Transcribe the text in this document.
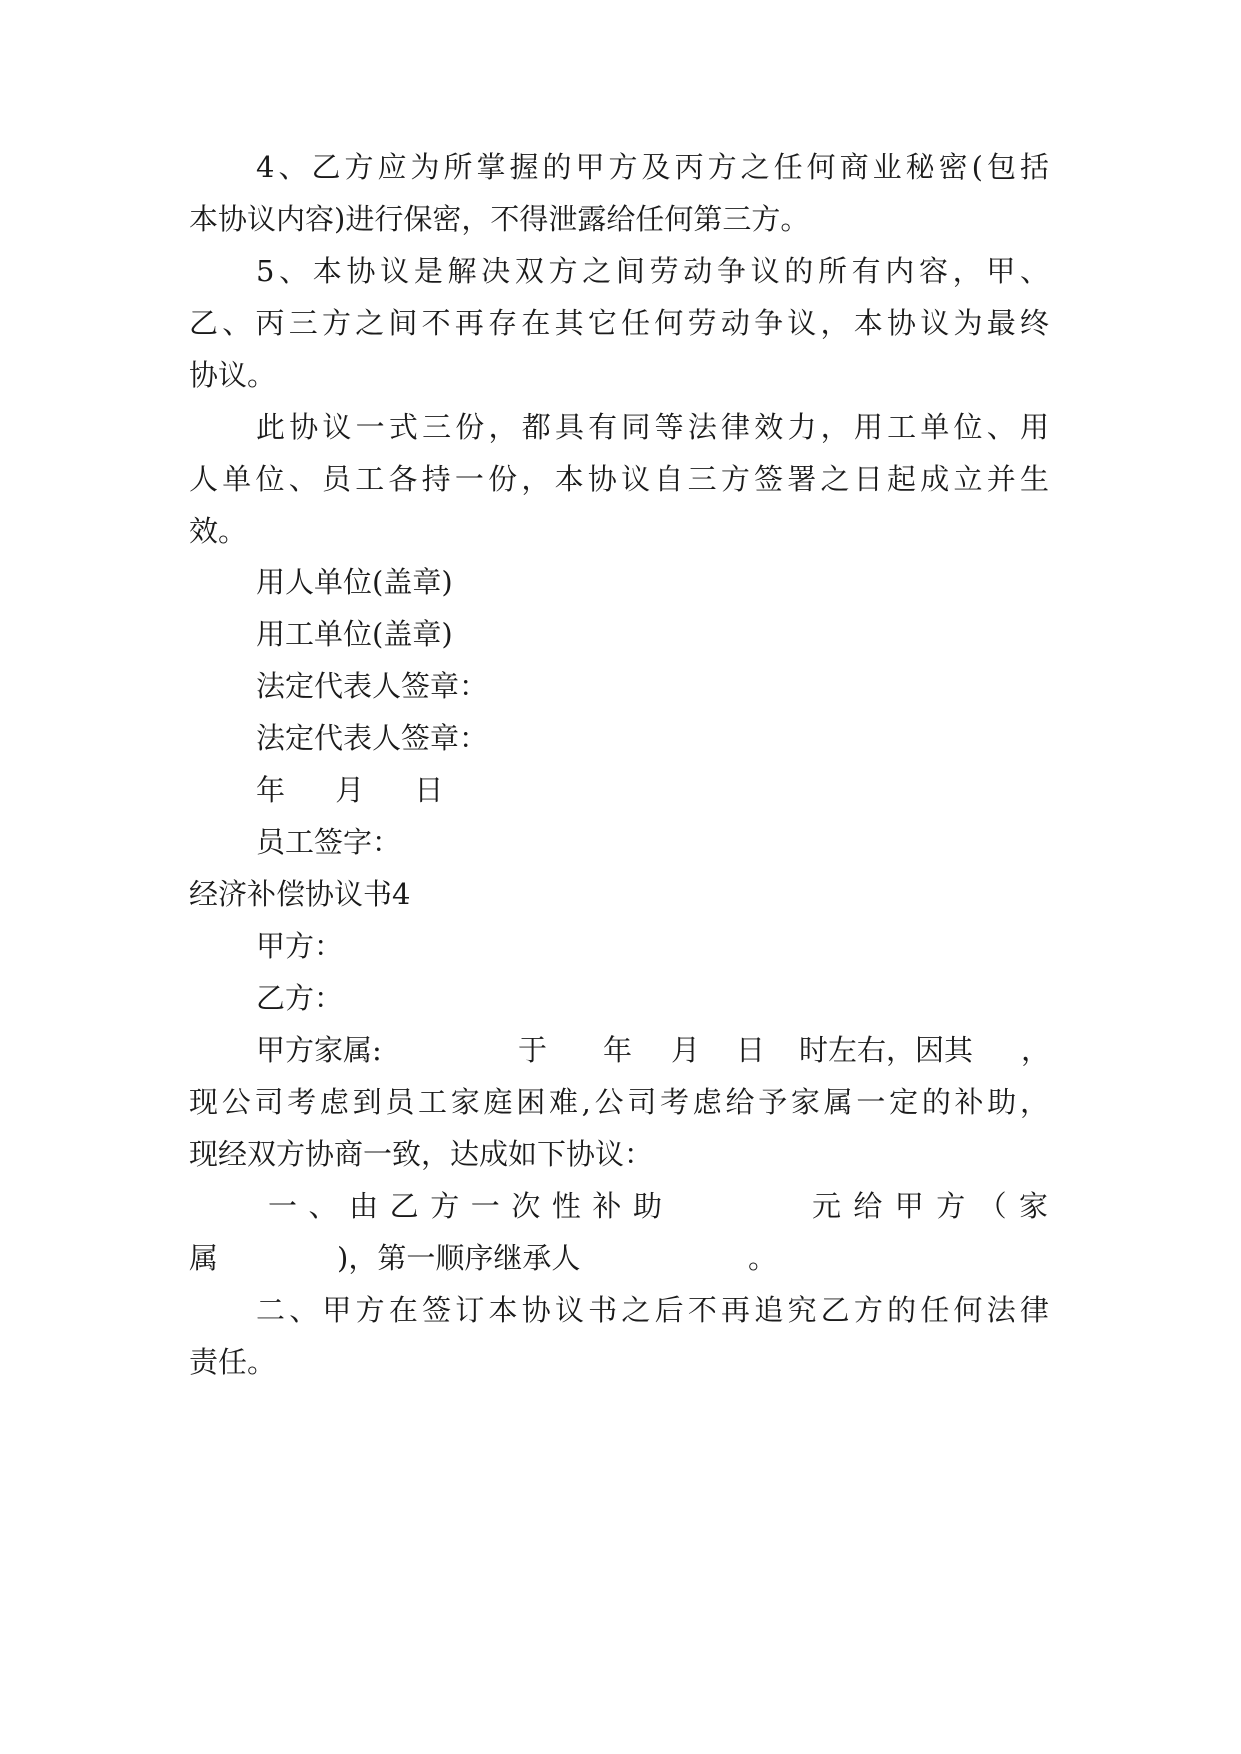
4、乙方应为所掌握的甲方及丙方之任何商业秘密(包括
本协议内容)进行保密，不得泄露给任何第三方。
5、本协议是解决双方之间劳动争议的所有内容，甲、
乙、丙三方之间不再存在其它任何劳动争议，本协议为最终
协议。
此协议一式三份，都具有同等法律效力，用工单位、用
人单位、员工各持一份，本协议自三方签署之日起成立并生
效。
用人单位(盖章)
用工单位(盖章)
法定代表人签章：
法定代表人签章：
年　 月　 日
员工签字：
经济补偿协议书4
甲方：
乙方：
甲方家属:	于 年 月 日 时左右，因其 ，
现公司考虑到员工家庭困难,公司考虑给予家属一定的补助，
现经双方协商一致，达成如下协议：
一、由乙方一次性补助	元给甲方（家
属	)，第一顺序继承人	。
二、甲方在签订本协议书之后不再追究乙方的任何法律
责任。
